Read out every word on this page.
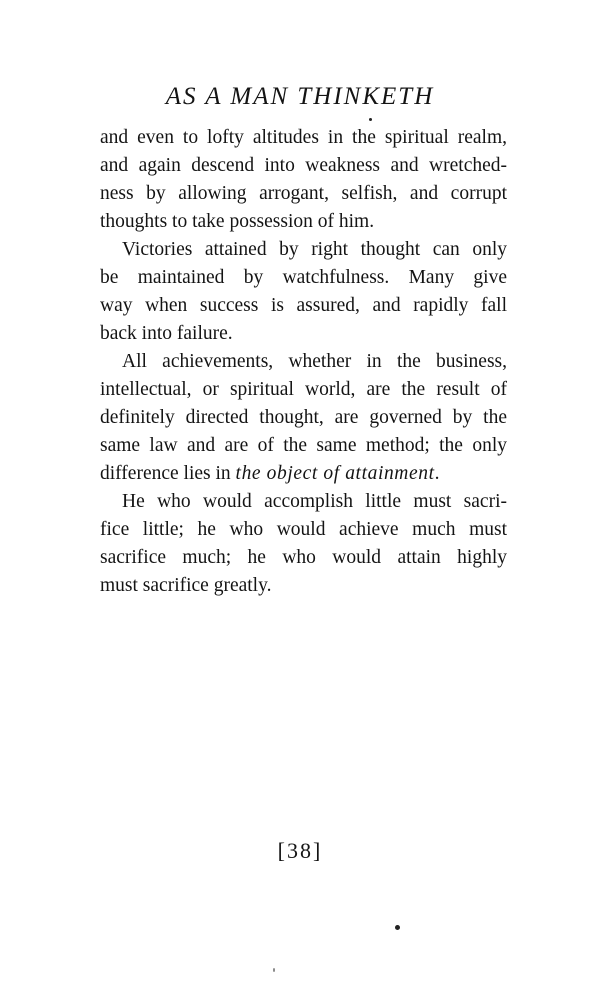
AS A MAN THINKETH

and even to lofty altitudes in the spiritual realm,
and again descend into weakness and wretched-
ness by allowing arrogant, selfish, and corrupt
thoughts to take possession of him.

Victories attained by right thought can only
be maintained by watchfulness. Many give
way when success is assured, and rapidly fall
back into failure.

All achievements, whether in the business,
intellectual, or spiritual world, are the result of
definitely directed thought, are governed by the
same law and are of the same method; the only
difference lies in the object of attainment.

He who would accomplish little must sacri-
fice little; he who would achieve much must
sacrifice much; he who would attain highly
must sacrifice greatly.

[38]
